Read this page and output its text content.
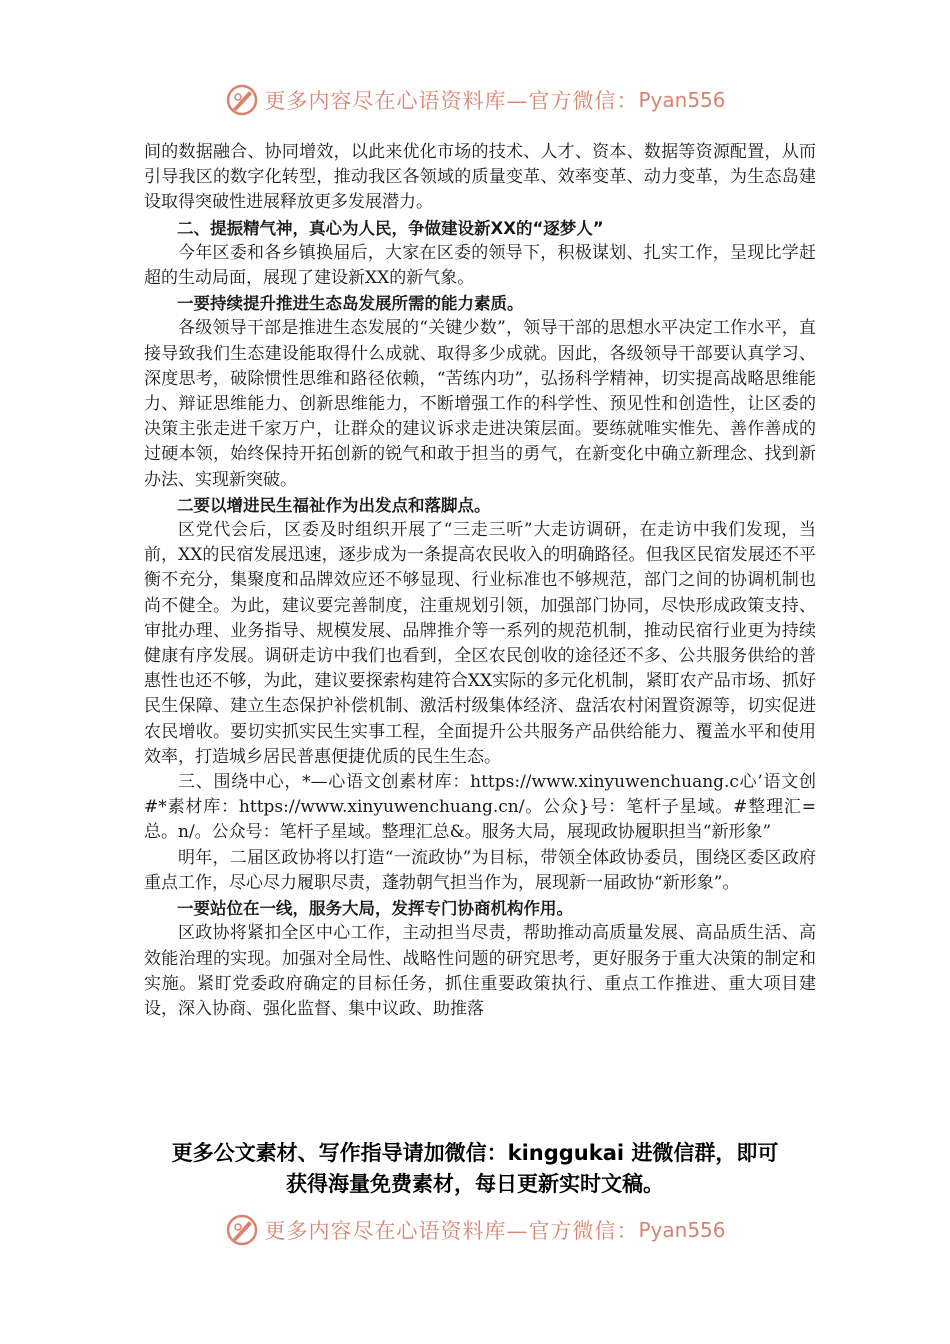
更多内容尽在心语资料库—官方微信： Pyan556

间的数据融合、协同增效，以此来优化市场的技术、人才、资本、数据等资源配置，从而引导我区的数字化转型，推动我区各领域的质量变革、效率变革、动力变革，为生态岛建设取得突破性进展释放更多发展潜力。

二、提振精气神，真心为人民，争做建设新XX的“逐梦人”

今年区委和各乡镇换届后，大家在区委的领导下，积极谋划、扎实工作，呈现比学赶超的生动局面，展现了建设新XX的新气象。

一要持续提升推进生态岛发展所需的能力素质。

各级领导干部是推进生态发展的“关键少数”，领导干部的思想水平决定工作水平，直接导致我们生态建设能取得什么成就、取得多少成就。因此，各级领导干部要认真学习、深度思考，破除惯性思维和路径依赖，“苦练内功”，弘扬科学精神，切实提高战略思维能力、辩证思维能力、创新思维能力，不断增强工作的科学性、预见性和创造性，让区委的决策主张走进千家万户，让群众的建议诉求走进决策层面。要练就唯实惟先、善作善成的过硬本领，始终保持开拓创新的锐气和敢于担当的勇气，在新变化中确立新理念、找到新办法、实现新突破。

二要以增进民生福祉作为出发点和落脚点。

区党代会后，区委及时组织开展了“三走三听”大走访调研，在走访中我们发现，当前，XX的民宿发展迅速，逐步成为一条提高农民收入的明确路径。但我区民宿发展还不平衡不充分，集聚度和品牌效应还不够显现、行业标准也不够规范，部门之间的协调机制也尚不健全。为此，建议要完善制度，注重规划引领，加强部门协同，尽快形成政策支持、审批办理、业务指导、规模发展、品牌推介等一系列的规范机制，推动民宿行业更为持续健康有序发展。调研走访中我们也看到，全区农民创收的途径还不多、公共服务供给的普惠性也还不够，为此，建议要探索构建符合XX实际的多元化机制，紧盯农产品市场、抓好民生保障、建立生态保护补偿机制、激活村级集体经济、盘活农村闲置资源等，切实促进农民增收。要切实抓实民生实事工程，全面提升公共服务产品供给能力、覆盖水平和使用效率，打造城乡居民普惠便捷优质的民生生态。

三、围绕中心，*—心语文创素材库：https://www.xinyuwenchuang.c心’语文创#*素材库：https://www.xinyuwenchuang.cn/。公众}号：笔杆子星域。#整理汇=总。n/。公众号：笔杆子星域。整理汇总&。服务大局，展现政协履职担当“新形象”

明年，二届区政协将以打造“一流政协”为目标，带领全体政协委员，围绕区委区政府重点工作，尽心尽力履职尽责，蓬勃朝气担当作为，展现新一届政协“新形象”。

一要站位在一线，服务大局，发挥专门协商机构作用。

区政协将紧扣全区中心工作，主动担当尽责，帮助推动高质量发展、高品质生活、高效能治理的实现。加强对全局性、战略性问题的研究思考，更好服务于重大决策的制定和实施。紧盯党委政府确定的目标任务，抓住重要政策执行、重点工作推进、重大项目建设，深入协商、强化监督、集中议政、助推落

更多公文素材、写作指导请加微信：kinggukai 进微信群，即可
获得海量免费素材，每日更新实时文稿。
更多内容尽在心语资料库—官方微信： Pyan556
